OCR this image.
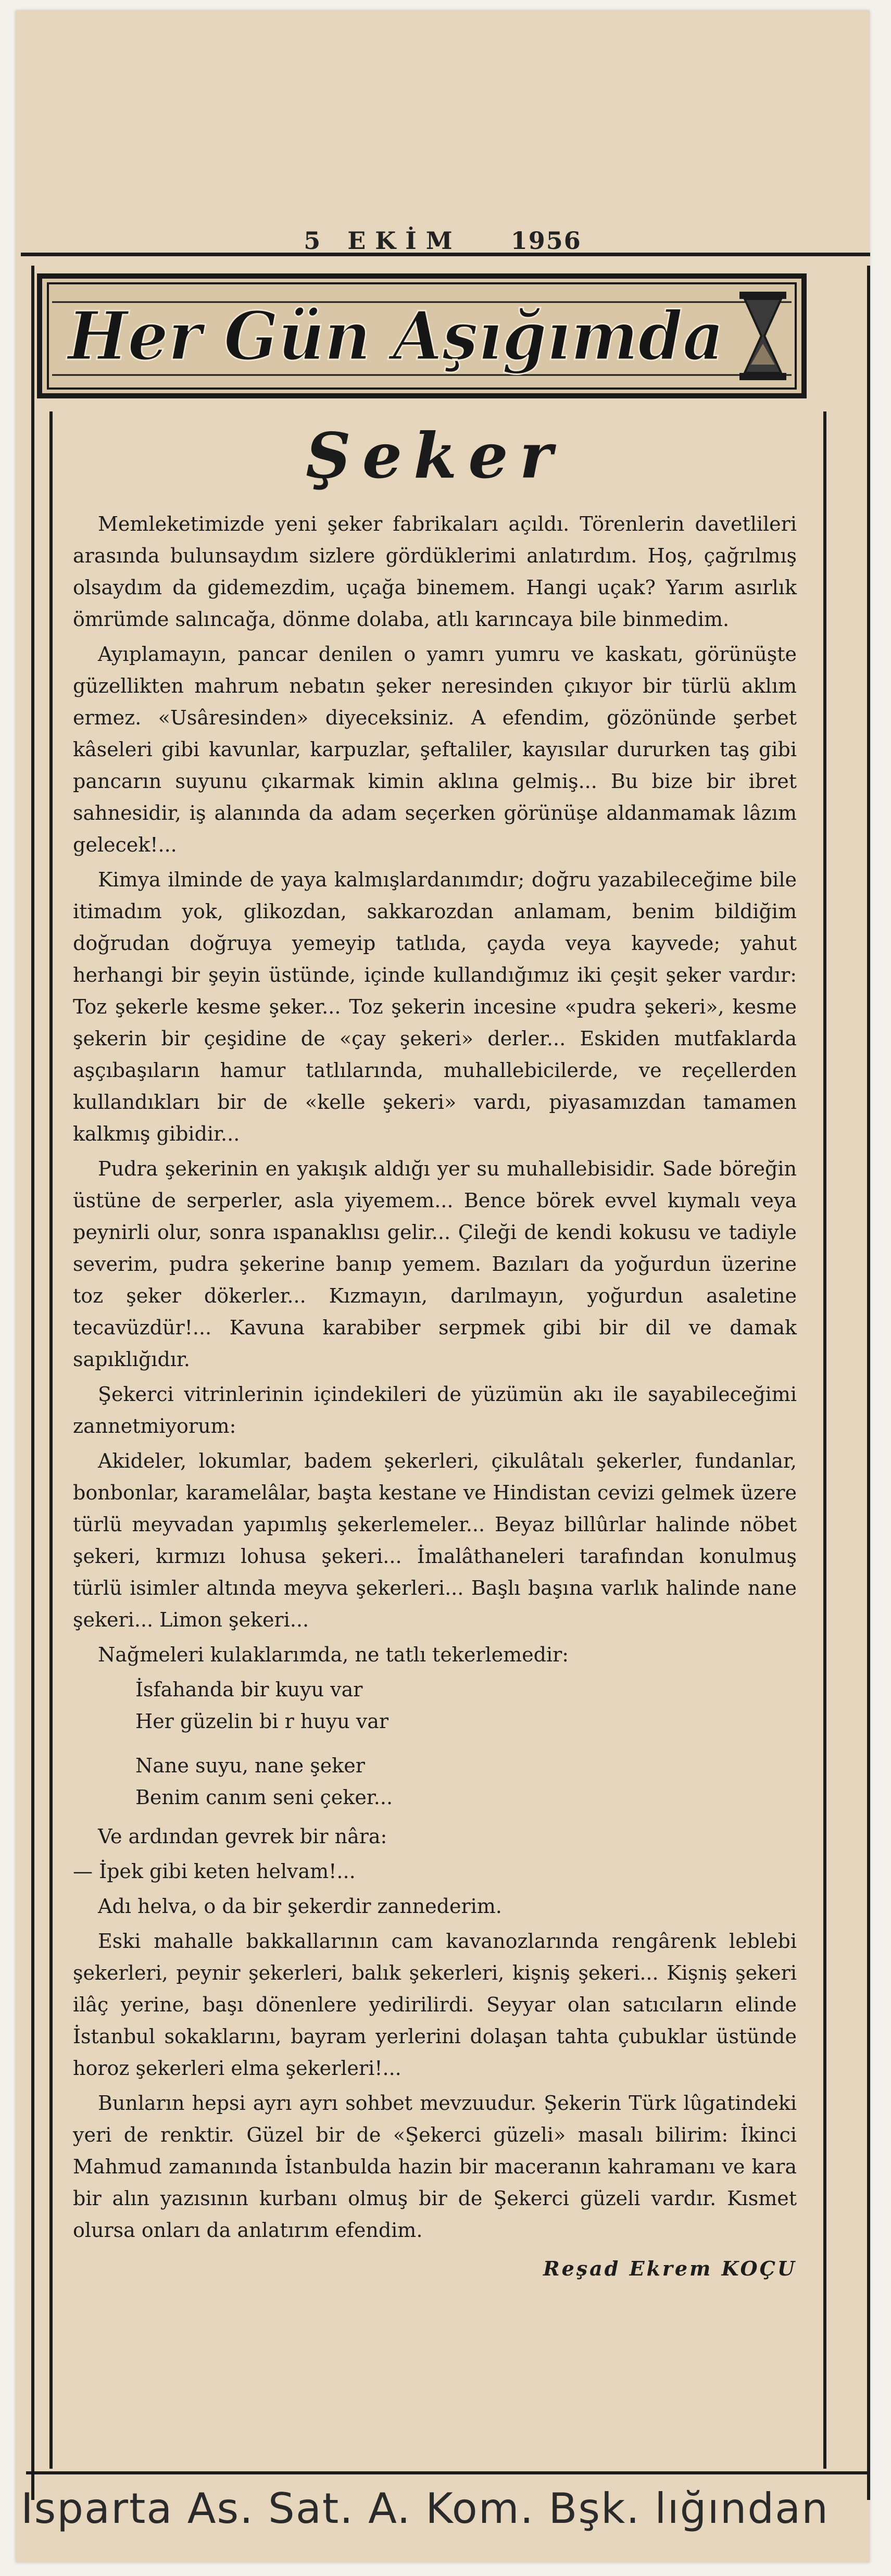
5 EKİM 1956
Her Gün Aşığımda
Şeker

Memleketimizde yeni şeker fabrikaları açıldı. Törenlerin davetlileri arasında bulunsaydım sizlere gördüklerimi anlatırdım. Hoş, çağrılmış olsaydım da gidemezdim, uçağa binemem. Hangi uçak? Yarım asırlık ömrümde salıncağa, dönme dolaba, atlı karıncaya bile binmedim.

Ayıplamayın, pancar denilen o yamrı yumru ve kaskatı, görünüşte güzellikten mahrum nebatın şeker neresinden çıkıyor bir türlü aklım ermez. «Usâresinden» diyeceksiniz. A efendim, gözönünde şerbet kâseleri gibi kavunlar, karpuzlar, şeftaliler, kayısılar dururken taş gibi pancarın suyunu çıkarmak kimin aklına gelmiş... Bu bize bir ibret sahnesidir, iş alanında da adam seçerken görünüşe aldanmamak lâzım gelecek!...

Kimya ilminde de yaya kalmışlardanımdır; doğru yazabileceğime bile itimadım yok, glikozdan, sakkarozdan anlamam, benim bildiğim doğrudan doğruya yemeyip tatlıda, çayda veya kayvede; yahut herhangi bir şeyin üstünde, içinde kullandığımız iki çeşit şeker vardır: Toz şekerle kesme şeker... Toz şekerin incesine «pudra şekeri», kesme şekerin bir çeşidine de «çay şekeri» derler... Eskiden mutfaklarda aşçıbaşıların hamur tatlılarında, muhallebicilerde, ve reçellerden kullandıkları bir de «kelle şekeri» vardı, piyasamızdan tamamen kalkmış gibidir...

Pudra şekerinin en yakışık aldığı yer su muhallebisidir. Sade böreğin üstüne de serperler, asla yiyemem... Bence börek evvel kıymalı veya peynirli olur, sonra ıspanaklısı gelir... Çileği de kendi kokusu ve tadiyle severim, pudra şekerine banıp yemem. Bazıları da yoğurdun üzerine toz şeker dökerler... Kızmayın, darılmayın, yoğurdun asaletine tecavüzdür!... Kavuna karabiber serpmek gibi bir dil ve damak sapıklığıdır.

Şekerci vitrinlerinin içindekileri de yüzümün akı ile sayabileceğimi zannetmiyorum:

Akideler, lokumlar, badem şekerleri, çikulâtalı şekerler, fundanlar, bonbonlar, karamelâlar, başta kestane ve Hindistan cevizi gelmek üzere türlü meyvadan yapımlış şekerlemeler... Beyaz billûrlar halinde nöbet şekeri, kırmızı lohusa şekeri... İmalâthaneleri tarafından konulmuş türlü isimler altında meyva şekerleri... Başlı başına varlık halinde nane şekeri... Limon şekeri...

Nağmeleri kulaklarımda, ne tatlı tekerlemedir:

İsfahanda bir kuyu var
Her güzelin bi r huyu var
Nane suyu, nane şeker
Benim canım seni çeker...

Ve ardından gevrek bir nâra:

— İpek gibi keten helvam!...

Adı helva, o da bir şekerdir zannederim.

Eski mahalle bakkallarının cam kavanozlarında rengârenk leblebi şekerleri, peynir şekerleri, balık şekerleri, kişniş şekeri... Kişniş şekeri ilâç yerine, başı dönenlere yedirilirdi. Seyyar olan satıcıların elinde İstanbul sokaklarını, bayram yerlerini dolaşan tahta çubuklar üstünde horoz şekerleri elma şekerleri!...

Bunların hepsi ayrı ayrı sohbet mevzuudur. Şekerin Türk lûgatindeki yeri de renktir. Güzel bir de «Şekerci güzeli» masalı bilirim: İkinci Mahmud zamanında İstanbulda hazin bir maceranın kahramanı ve kara bir alın yazısının kurbanı olmuş bir de Şekerci güzeli vardır. Kısmet olursa onları da anlatırım efendim.

Reşad Ekrem KOÇU
Isparta As. Sat. A. Kom. Bşk. lığından
